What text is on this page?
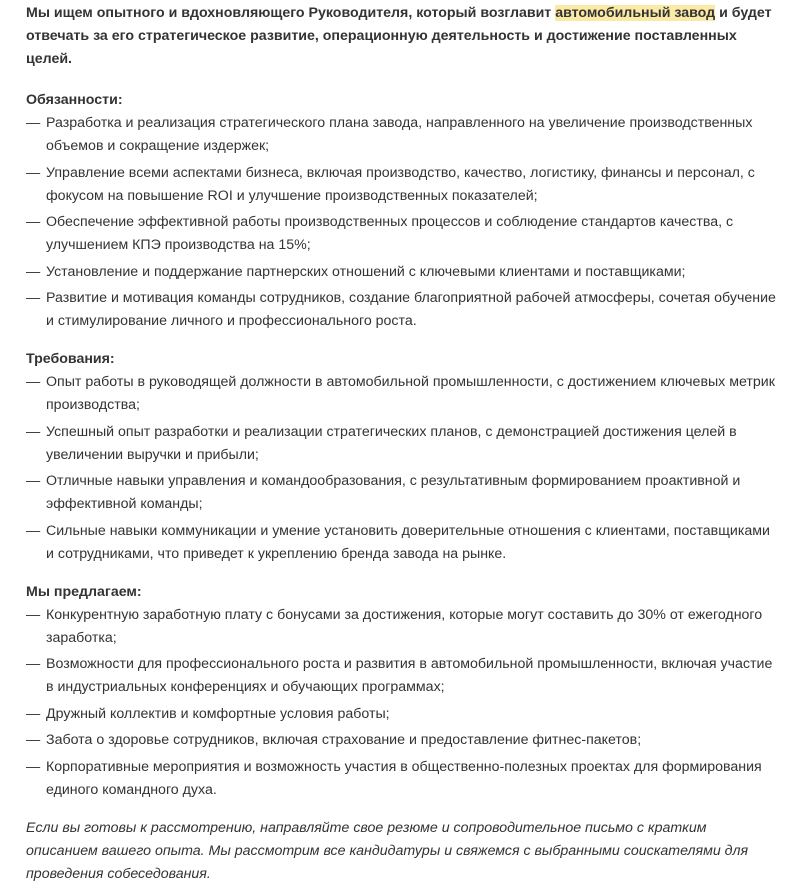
Мы ищем опытного и вдохновляющего Руководителя, который возглавит автомобильный завод и будет отвечать за его стратегическое развитие, операционную деятельность и достижение поставленных целей.

Обязанности:

— Разработка и реализация стратегического плана завода, направленного на увеличение производственных объемов и сокращение издержек;
— Управление всеми аспектами бизнеса, включая производство, качество, логистику, финансы и персонал, с фокусом на повышение ROI и улучшение производственных показателей;
— Обеспечение эффективной работы производственных процессов и соблюдение стандартов качества, с улучшением КПЭ производства на 15%;
— Установление и поддержание партнерских отношений с ключевыми клиентами и поставщиками;
— Развитие и мотивация команды сотрудников, создание благоприятной рабочей атмосферы, сочетая обучение и стимулирование личного и профессионального роста.

Требования:

— Опыт работы в руководящей должности в автомобильной промышленности, с достижением ключевых метрик производства;
— Успешный опыт разработки и реализации стратегических планов, с демонстрацией достижения целей в увеличении выручки и прибыли;
— Отличные навыки управления и командообразования, с результативным формированием проактивной и эффективной команды;
— Сильные навыки коммуникации и умение установить доверительные отношения с клиентами, поставщиками и сотрудниками, что приведет к укреплению бренда завода на рынке.

Мы предлагаем:

— Конкурентную заработную плату с бонусами за достижения, которые могут составить до 30% от ежегодного заработка;
— Возможности для профессионального роста и развития в автомобильной промышленности, включая участие в индустриальных конференциях и обучающих программах;
— Дружный коллектив и комфортные условия работы;
— Забота о здоровье сотрудников, включая страхование и предоставление фитнес-пакетов;
— Корпоративные мероприятия и возможность участия в общественно-полезных проектах для формирования единого командного духа.

Если вы готовы к рассмотрению, направляйте свое резюме и сопроводительное письмо с кратким описанием вашего опыта. Мы рассмотрим все кандидатуры и свяжемся с выбранными соискателями для проведения собеседования.
